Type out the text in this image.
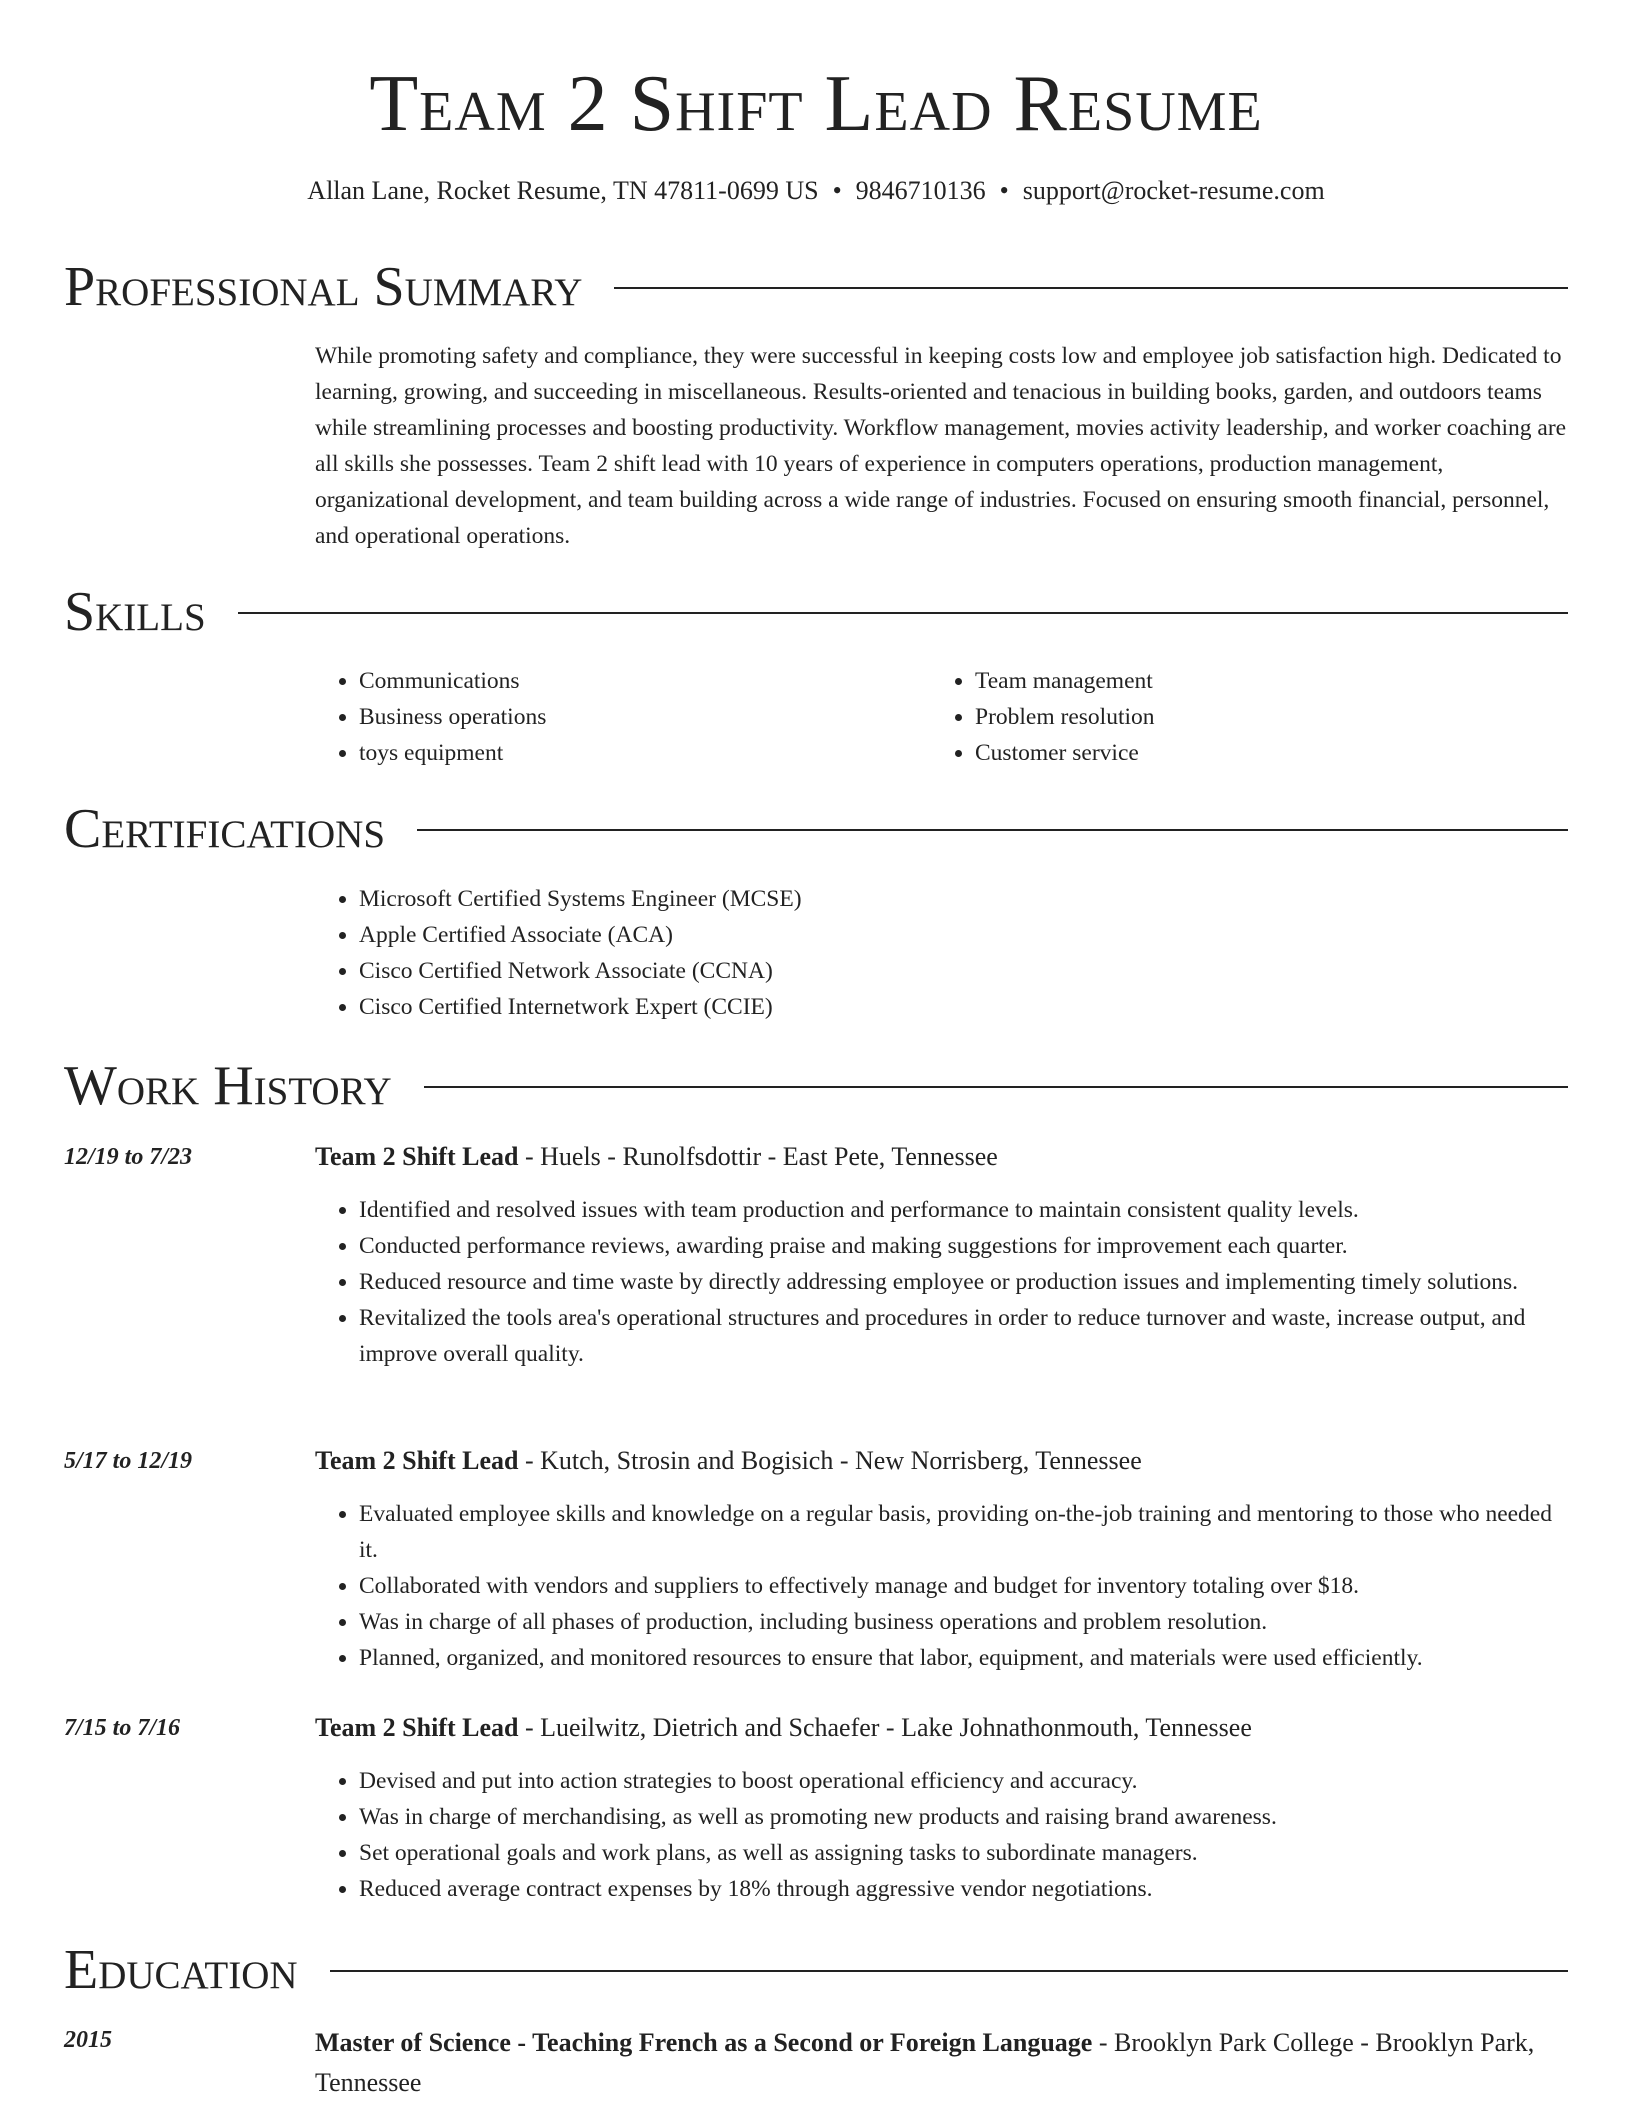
Team 2 Shift Lead Resume
Allan Lane, Rocket Resume, TN 47811-0699 US • 9846710136 • support@rocket-resume.com
Professional Summary

While promoting safety and compliance, they were successful in keeping costs low and employee job satisfaction high. Dedicated to learning, growing, and succeeding in miscellaneous. Results-oriented and tenacious in building books, garden, and outdoors teams while streamlining processes and boosting productivity. Workflow management, movies activity leadership, and worker coaching are all skills she possesses. Team 2 shift lead with 10 years of experience in computers operations, production management, organizational development, and team building across a wide range of industries. Focused on ensuring smooth financial, personnel, and operational operations.

Skills
• Communications
• Business operations
• toys equipment
• Team management
• Problem resolution
• Customer service
Certifications
• Microsoft Certified Systems Engineer (MCSE)
• Apple Certified Associate (ACA)
• Cisco Certified Network Associate (CCNA)
• Cisco Certified Internetwork Expert (CCIE)
Work History
12/19 to 7/23	Team 2 Shift Lead - Huels - Runolfsdottir - East Pete, Tennessee
• Identified and resolved issues with team production and performance to maintain consistent quality levels.
• Conducted performance reviews, awarding praise and making suggestions for improvement each quarter.
• Reduced resource and time waste by directly addressing employee or production issues and implementing timely solutions.
• Revitalized the tools area's operational structures and procedures in order to reduce turnover and waste, increase output, and improve overall quality.
5/17 to 12/19	Team 2 Shift Lead - Kutch, Strosin and Bogisich - New Norrisberg, Tennessee
• Evaluated employee skills and knowledge on a regular basis, providing on-the-job training and mentoring to those who needed it.
• Collaborated with vendors and suppliers to effectively manage and budget for inventory totaling over $18.
• Was in charge of all phases of production, including business operations and problem resolution.
• Planned, organized, and monitored resources to ensure that labor, equipment, and materials were used efficiently.
7/15 to 7/16	Team 2 Shift Lead - Lueilwitz, Dietrich and Schaefer - Lake Johnathonmouth, Tennessee
• Devised and put into action strategies to boost operational efficiency and accuracy.
• Was in charge of merchandising, as well as promoting new products and raising brand awareness.
• Set operational goals and work plans, as well as assigning tasks to subordinate managers.
• Reduced average contract expenses by 18% through aggressive vendor negotiations.
Education
2015	Master of Science - Teaching French as a Second or Foreign Language - Brooklyn Park College - Brooklyn Park, Tennessee
